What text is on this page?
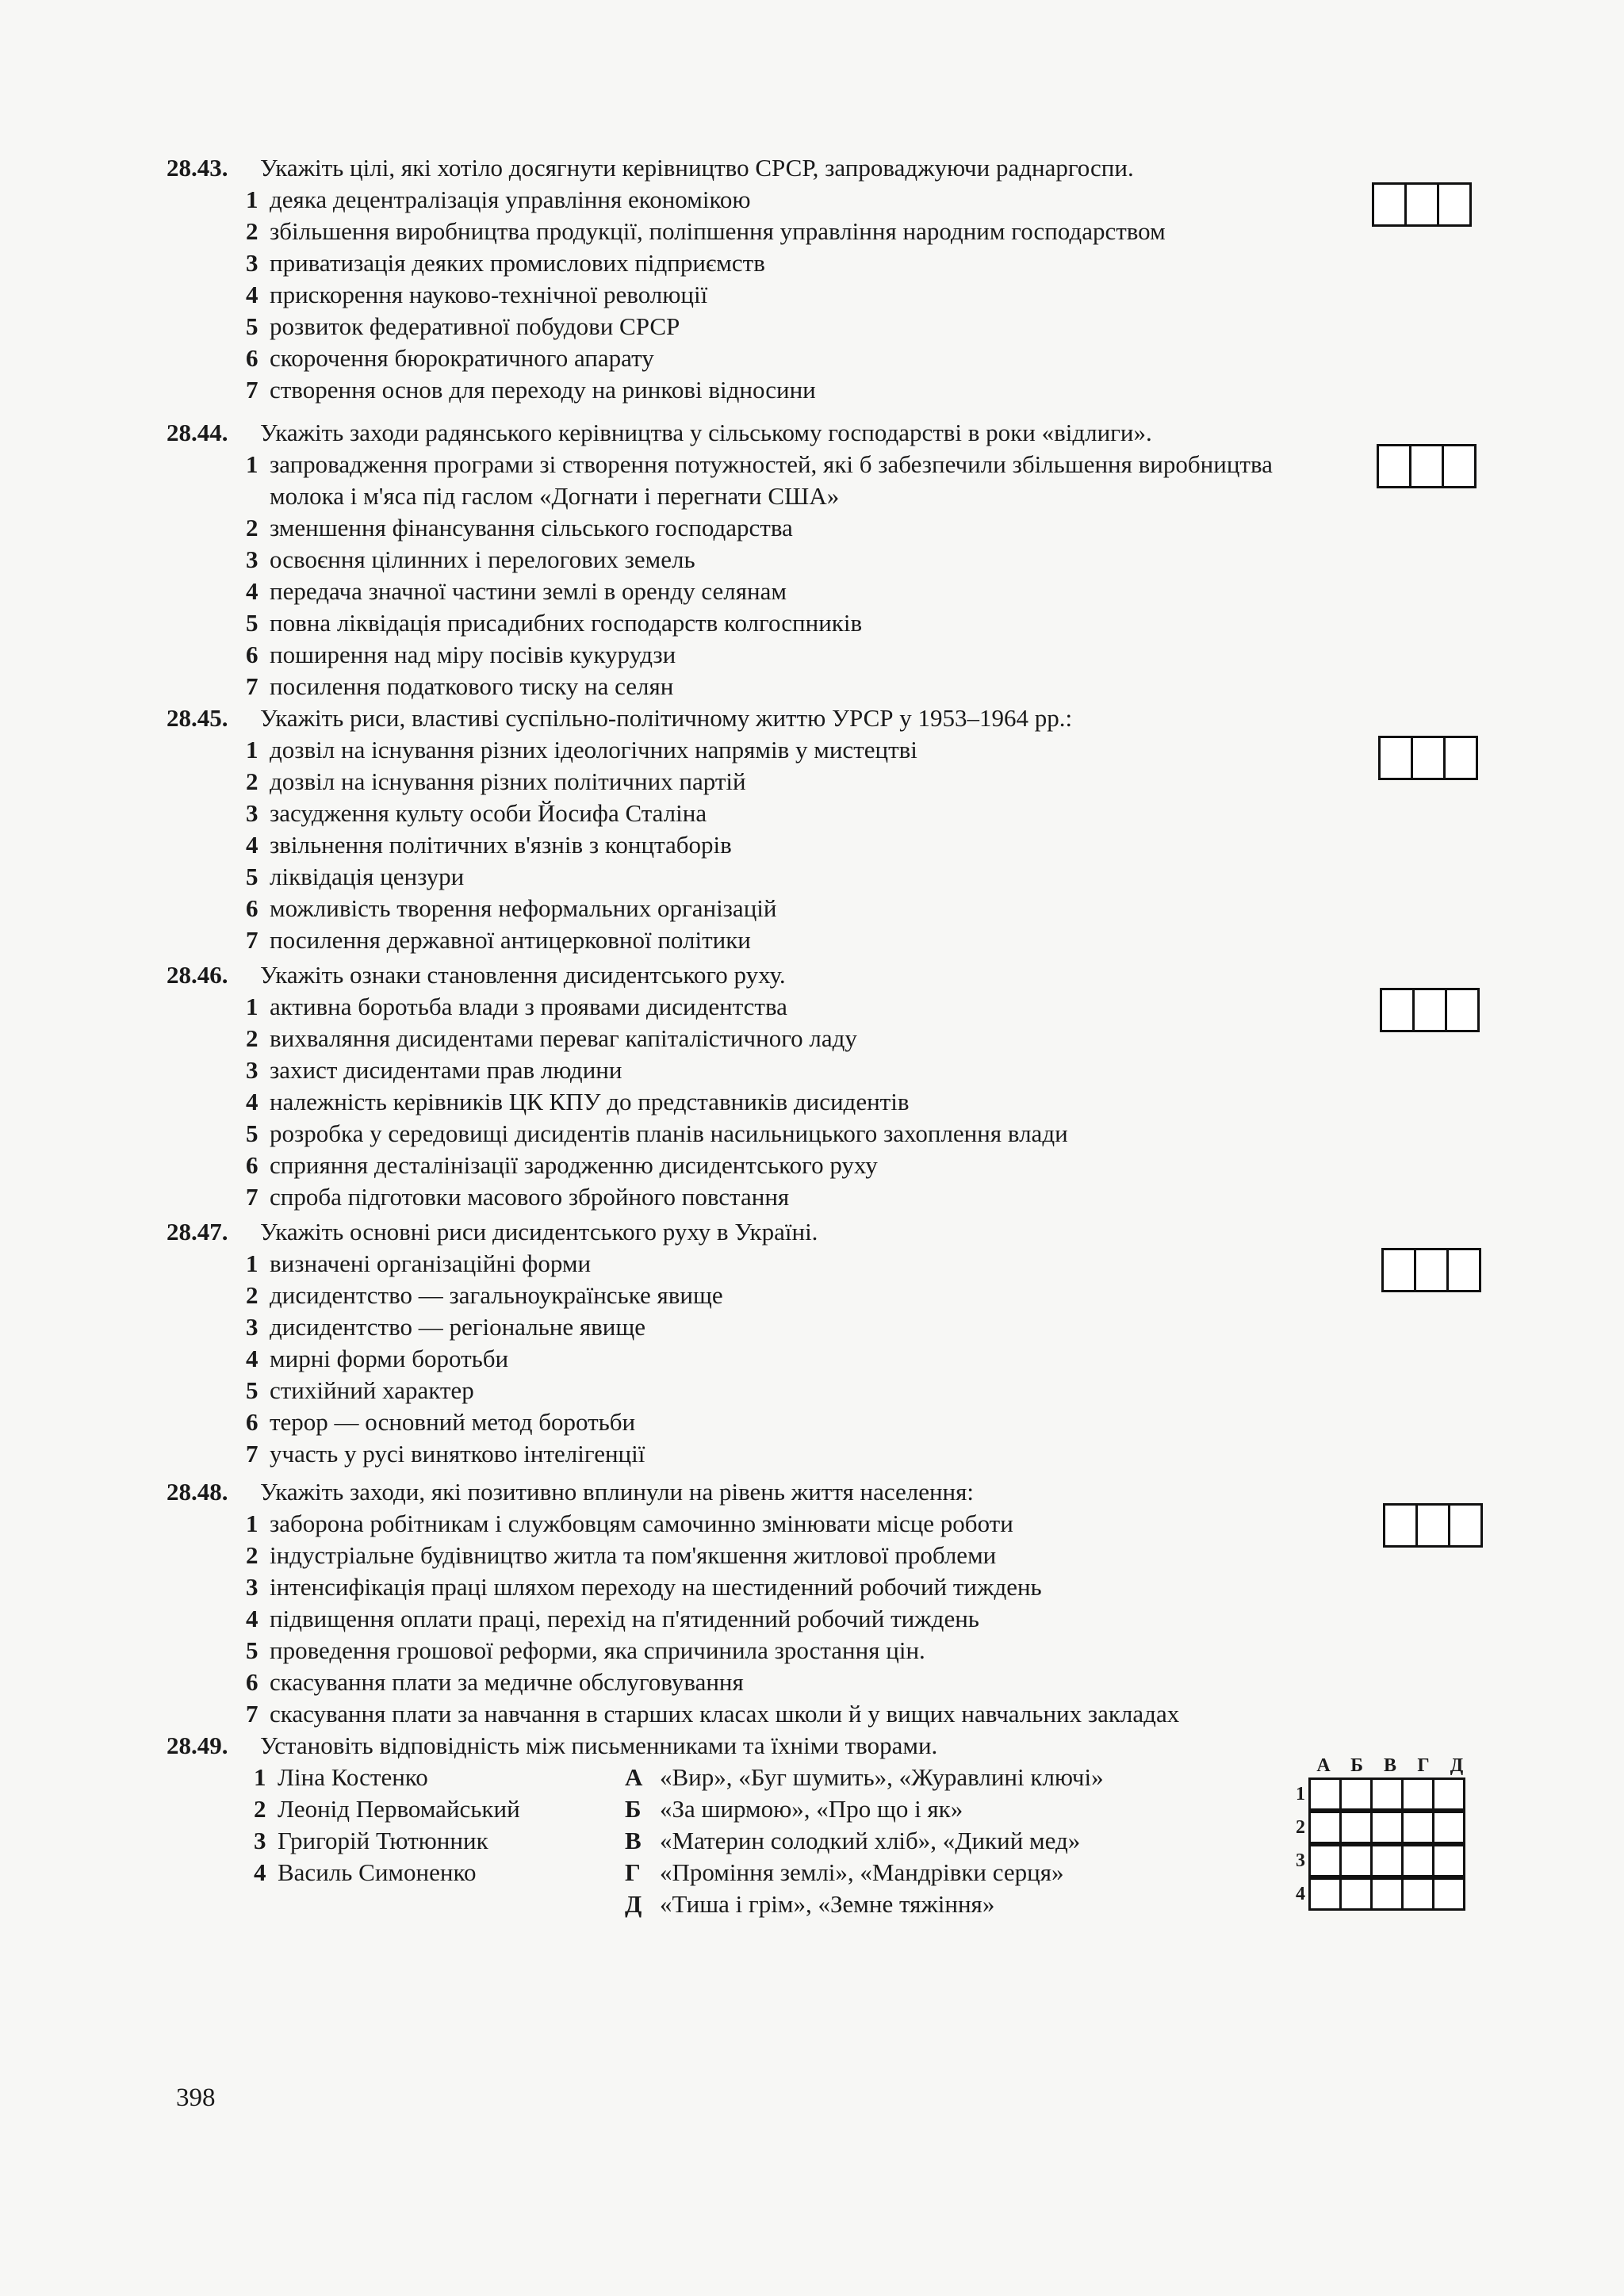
28.43.	Укажіть цілі, які хотіло досягнути керівництво СРСР, запроваджуючи раднаргоспи.
1 деяка децентралізація управління економікою
2 збільшення виробництва продукції, поліпшення управління народним господарством
3 приватизація деяких промислових підприємств
4 прискорення науково-технічної революції
5 розвиток федеративної побудови СРСР
6 скорочення бюрократичного апарату
7 створення основ для переходу на ринкові відносини
28.44.	Укажіть заходи радянського керівництва у сільському господарстві в роки «відлиги».
1 запровадження програми зі створення потужностей, які б забезпечили збільшення виробництва молока і м'яса під гаслом «Догнати і перегнати США»
2 зменшення фінансування сільського господарства
3 освоєння цілинних і перелогових земель
4 передача значної частини землі в оренду селянам
5 повна ліквідація присадибних господарств колгоспників
6 поширення над міру посівів кукурудзи
7 посилення податкового тиску на селян
28.45.	Укажіть риси, властиві суспільно-політичному життю УРСР у 1953–1964 рр.:
1 дозвіл на існування різних ідеологічних напрямів у мистецтві
2 дозвіл на існування різних політичних партій
3 засудження культу особи Йосифа Сталіна
4 звільнення політичних в'язнів з концтаборів
5 ліквідація цензури
6 можливість творення неформальних організацій
7 посилення державної антицерковної політики
28.46.	Укажіть ознаки становлення дисидентського руху.
1 активна боротьба влади з проявами дисидентства
2 вихваляння дисидентами переваг капіталістичного ладу
3 захист дисидентами прав людини
4 належність керівників ЦК КПУ до представників дисидентів
5 розробка у середовищі дисидентів планів насильницького захоплення влади
6 сприяння десталінізації зародженню дисидентського руху
7 спроба підготовки масового збройного повстання
28.47.	Укажіть основні риси дисидентського руху в Україні.
1 визначені організаційні форми
2 дисидентство — загальноукраїнське явище
3 дисидентство — регіональне явище
4 мирні форми боротьби
5 стихійний характер
6 терор — основний метод боротьби
7 участь у русі винятково інтелігенції
28.48.	Укажіть заходи, які позитивно вплинули на рівень життя населення:
1 заборона робітникам і службовцям самочинно змінювати місце роботи
2 індустріальне будівництво житла та пом'якшення житлової проблеми
3 інтенсифікація праці шляхом переходу на шестиденний робочий тиждень
4 підвищення оплати праці, перехід на п'ятиденний робочий тиждень
5 проведення грошової реформи, яка спричинила зростання цін.
6 скасування плати за медичне обслуговування
7 скасування плати за навчання в старших класах школи й у вищих навчальних закладах
28.49.	Установіть відповідність між письменниками та їхніми творами.
1 Ліна Костенко
2 Леонід Первомайський
3 Григорій Тютюнник
4 Василь Симоненко
А «Вир», «Буг шумить», «Журавлині ключі»
Б «За ширмою», «Про що і як»
В «Материн солодкий хліб», «Дикий мед»
Г «Проміння землі», «Мандрівки серця»
Д «Тиша і грім», «Земне тяжіння»
А	Б	В	Г	Д
1
2
3
4
398
